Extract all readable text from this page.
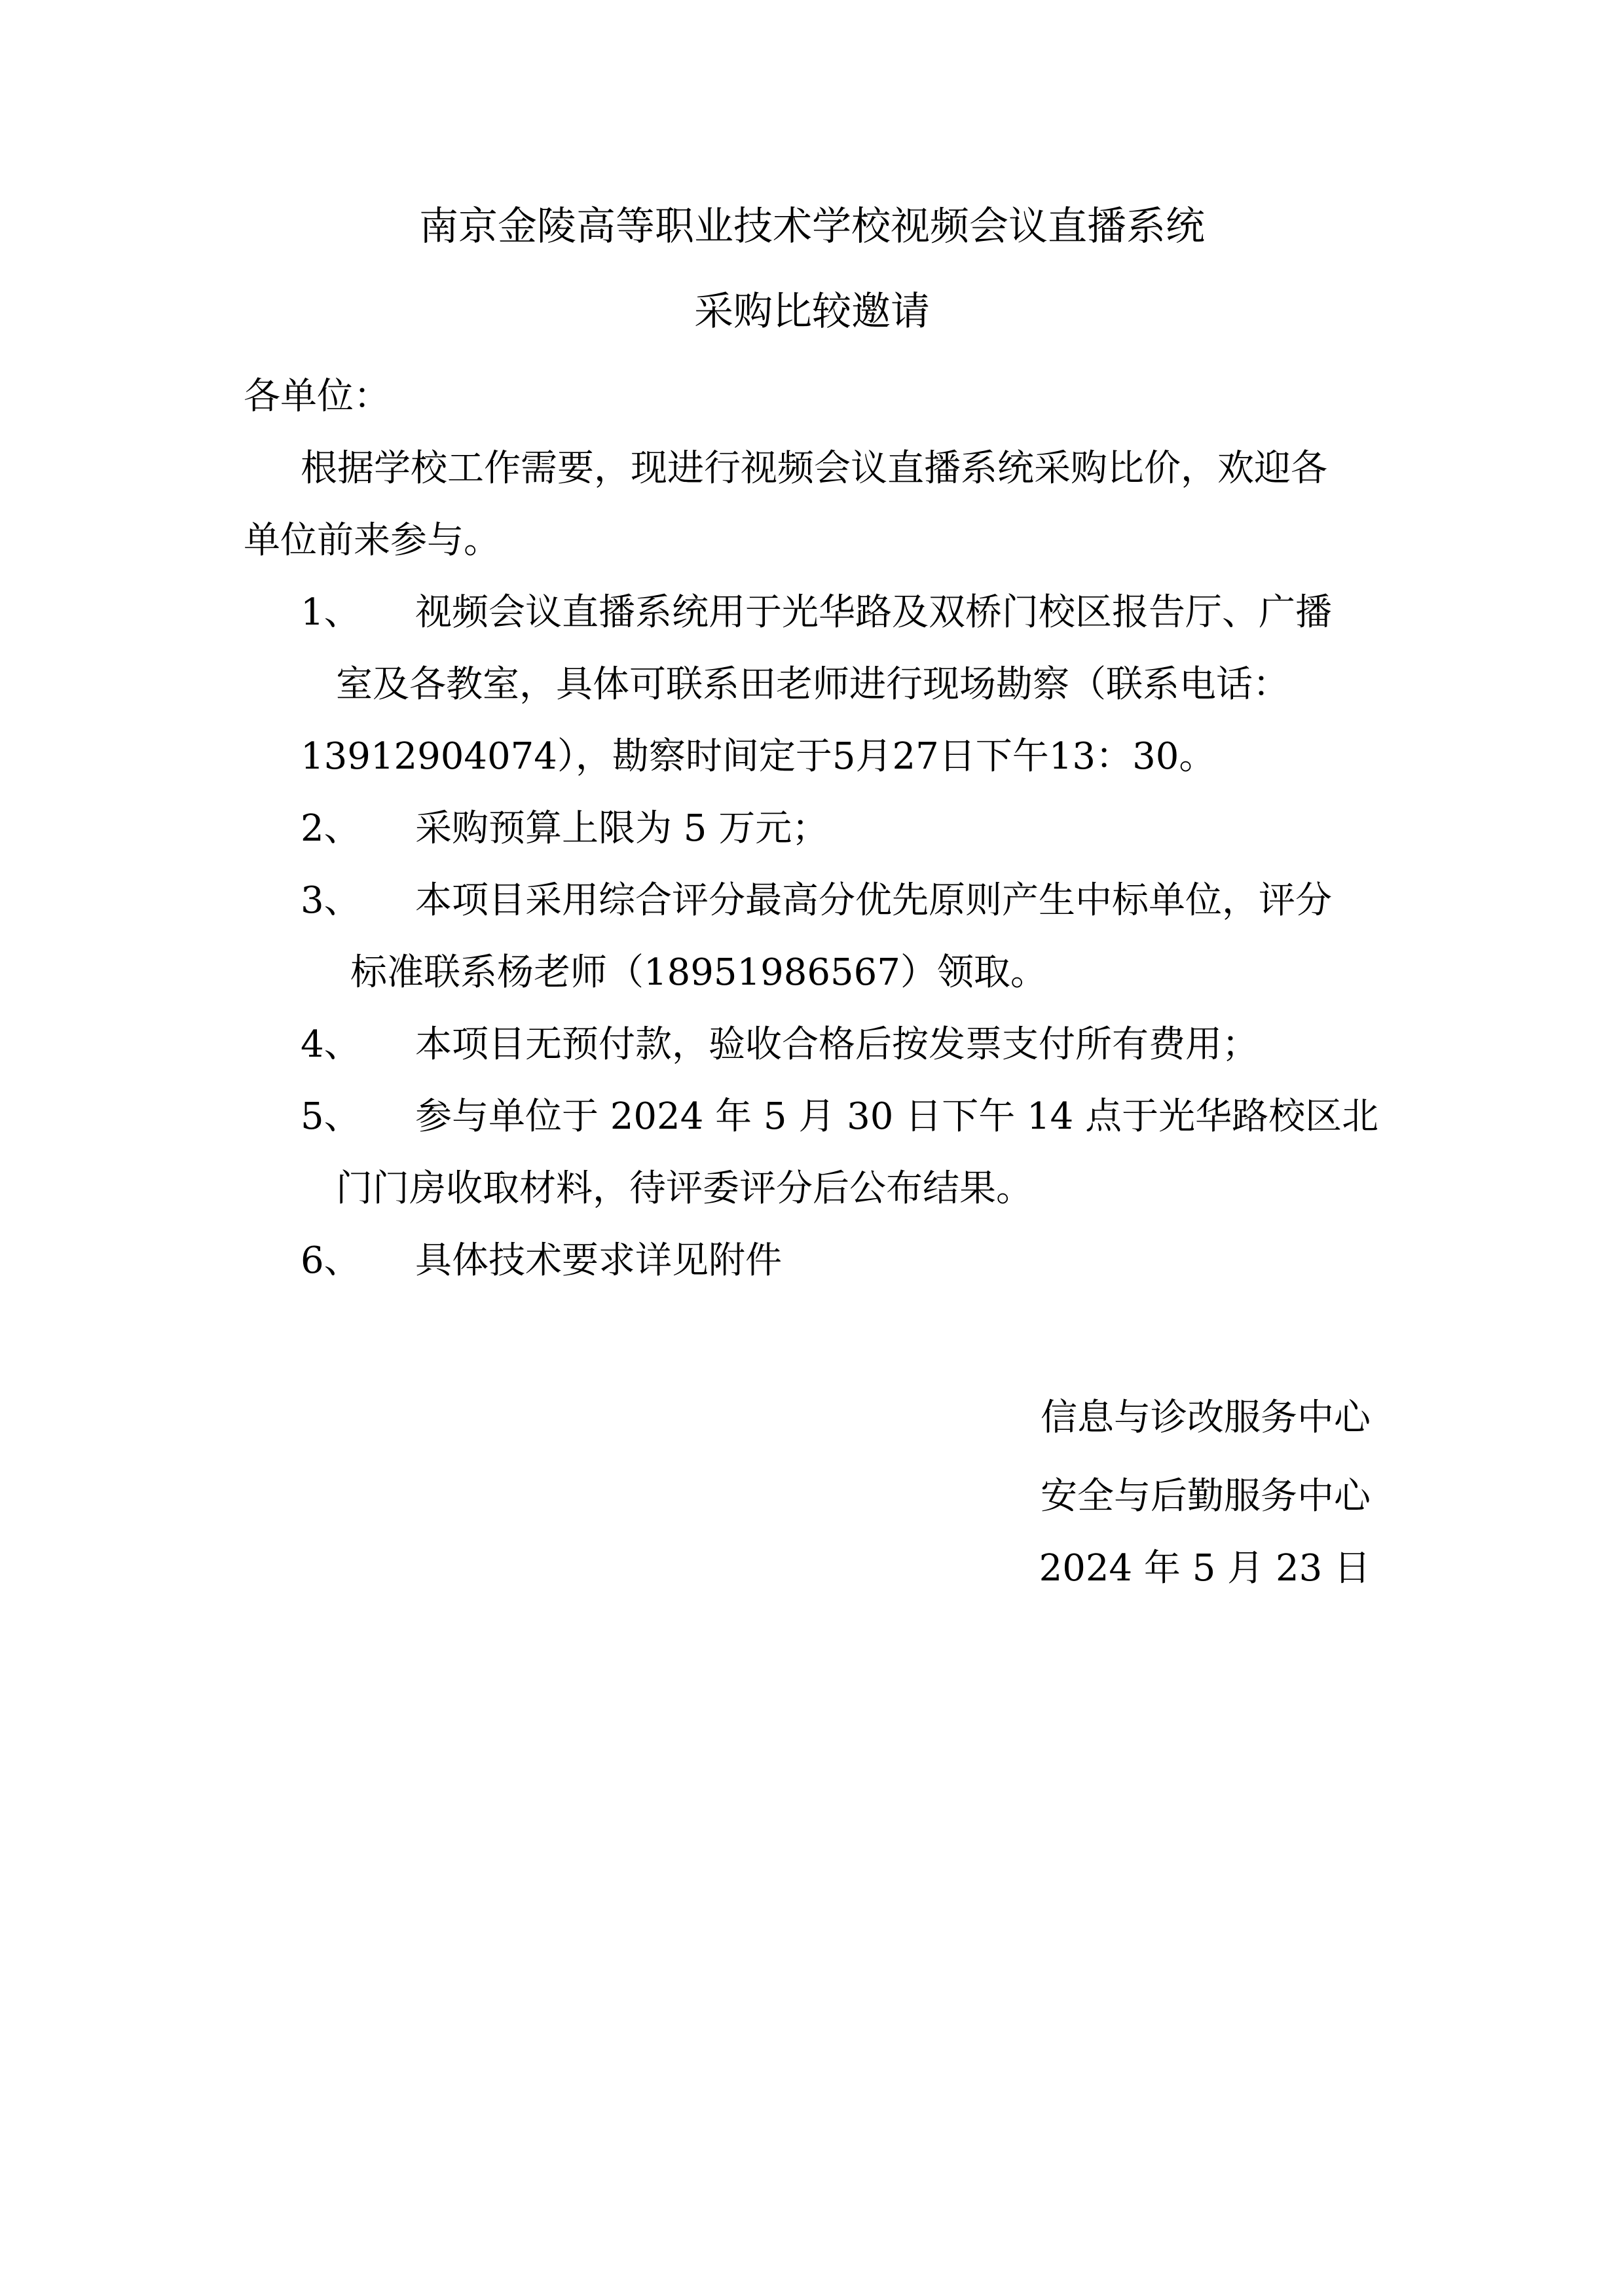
南京金陵高等职业技术学校视频会议直播系统
采购比较邀请
各单位：
根据学校工作需要，现进行视频会议直播系统采购比价，欢迎各
单位前来参与。
1、 视频会议直播系统用于光华路及双桥门校区报告厅、广播
室及各教室，具体可联系田老师进行现场勘察（联系电话：
13912904074），勘察时间定于5月27日下午13：30。
2、 采购预算上限为 5 万元；
3、 本项目采用综合评分最高分优先原则产生中标单位，评分
标准联系杨老师（18951986567）领取。
4、 本项目无预付款，验收合格后按发票支付所有费用；
5、 参与单位于 2024 年 5 月 30 日下午 14 点于光华路校区北
门门房收取材料，待评委评分后公布结果。
6、 具体技术要求详见附件
信息与诊改服务中心
安全与后勤服务中心
2024 年 5 月 23 日
